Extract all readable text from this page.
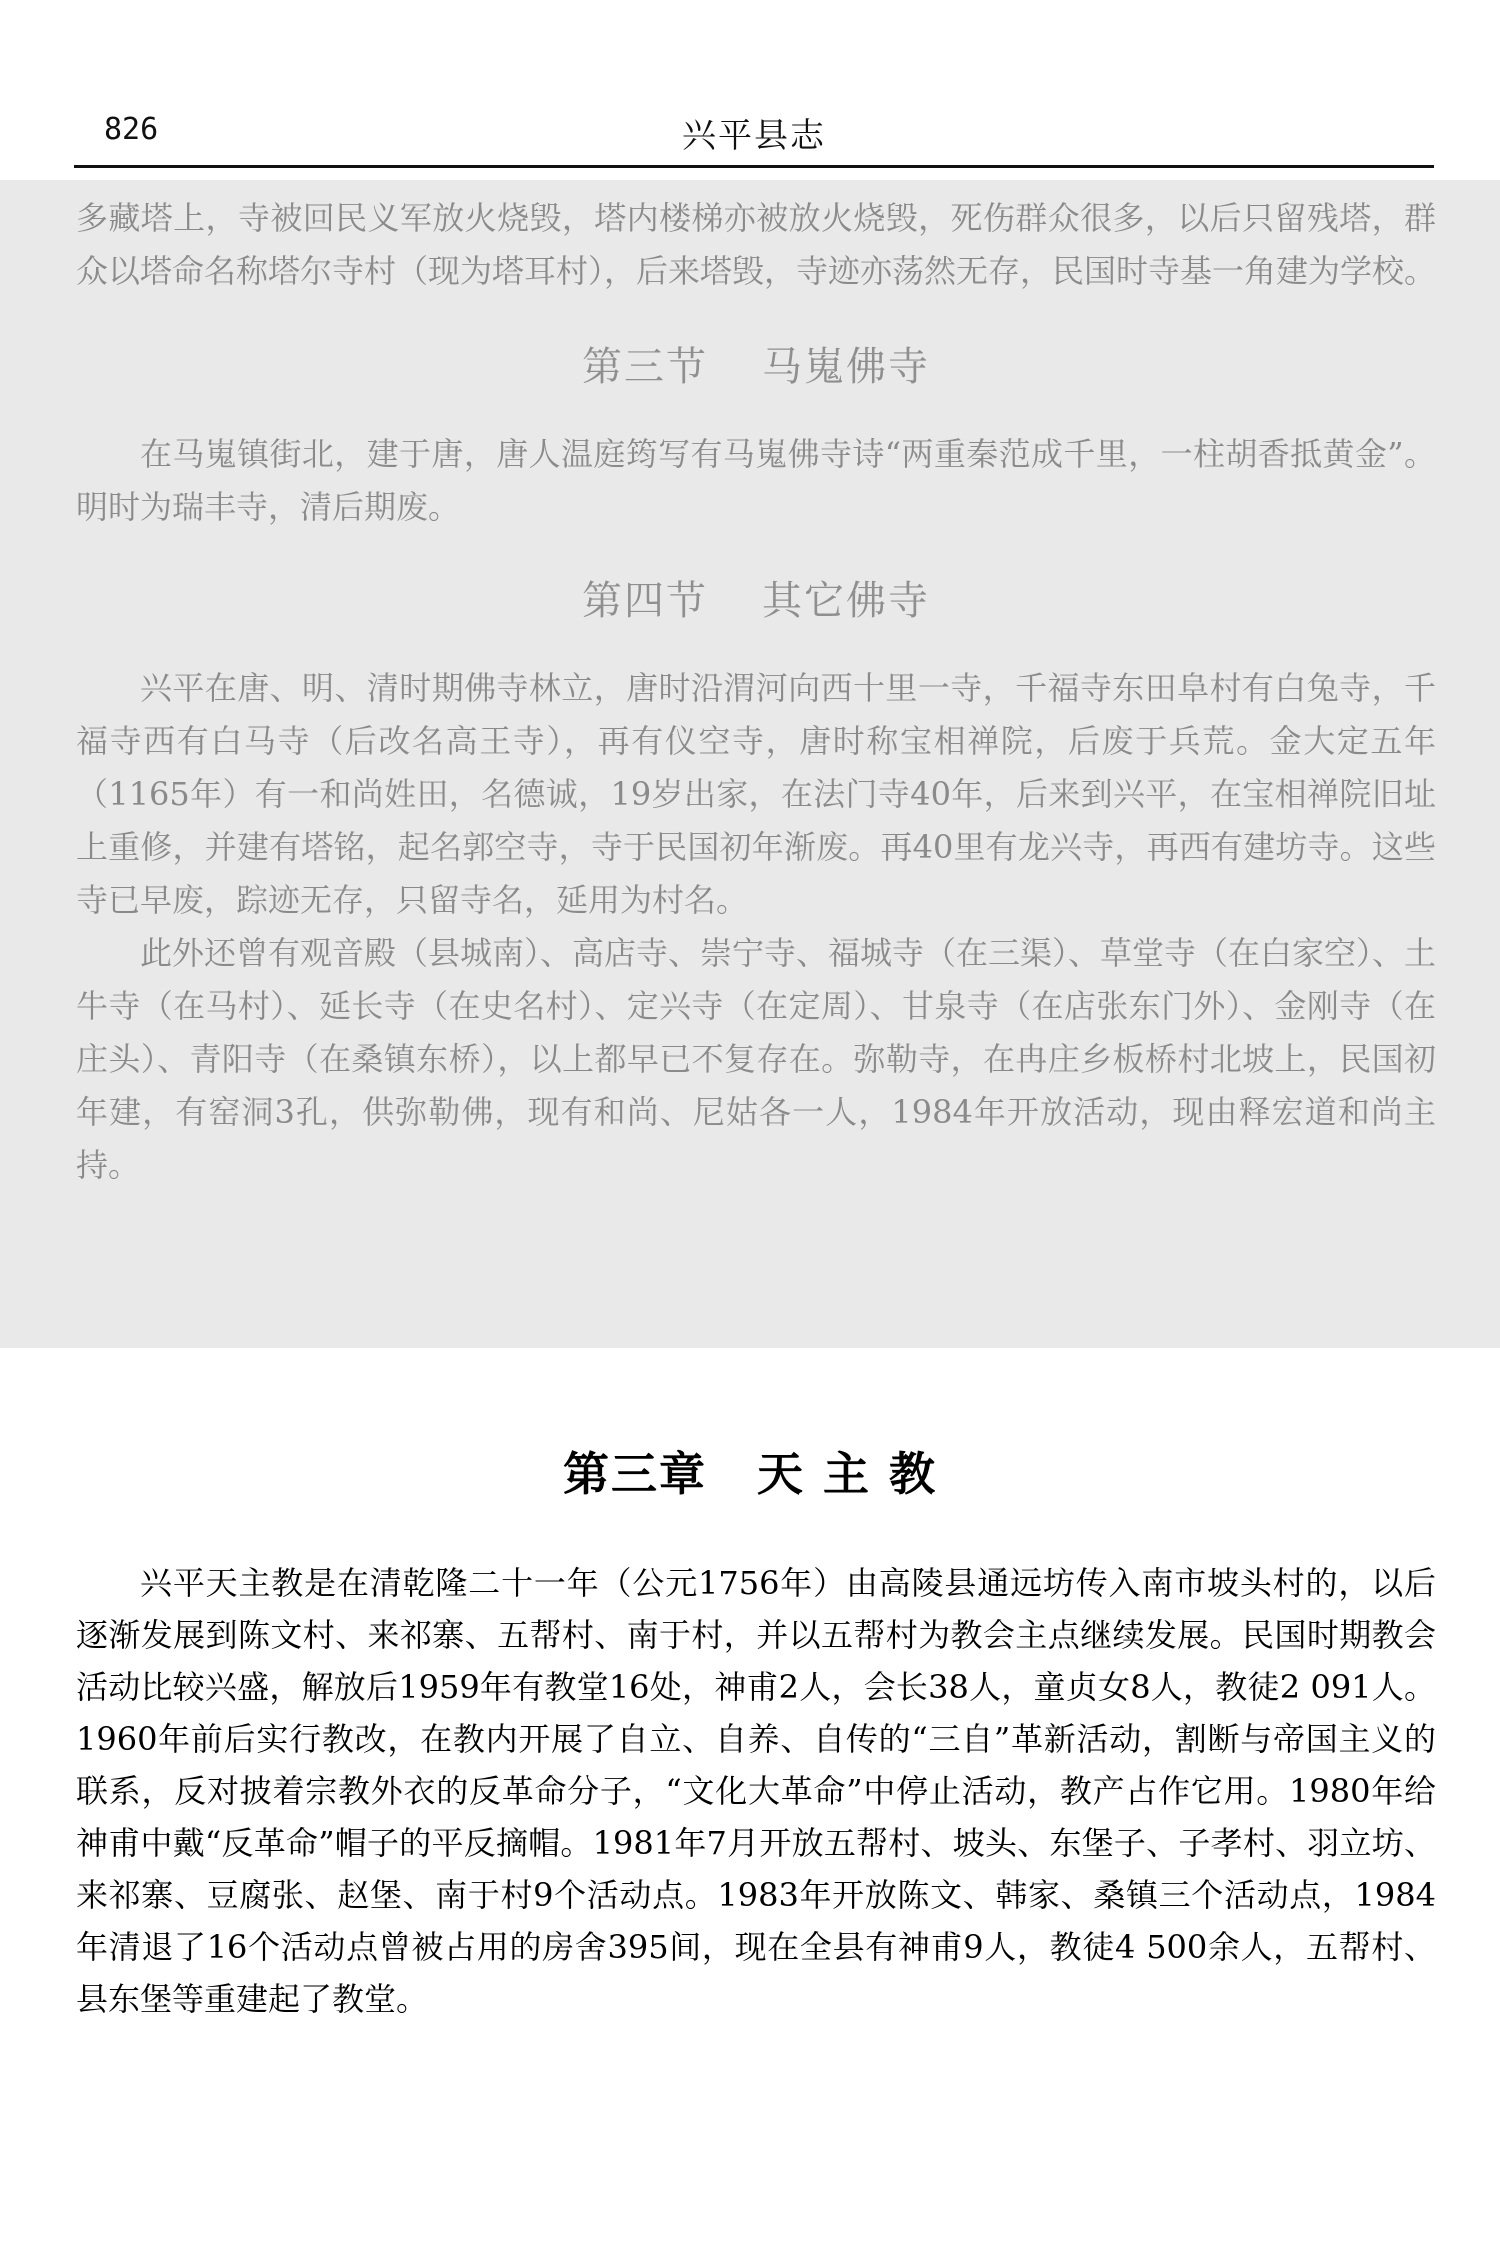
826	兴平县志

多藏塔上，寺被回民义军放火烧毁，塔内楼梯亦被放火烧毁，死伤群众很多，以后只留残塔，群众以塔命名称塔尔寺村（现为塔耳村），后来塔毁，寺迹亦荡然无存，民国时寺基一角建为学校。

第三节 马嵬佛寺

在马嵬镇街北，建于唐，唐人温庭筠写有马嵬佛寺诗“两重秦范成千里，一柱胡香抵黄金”。明时为瑞丰寺，清后期废。

第四节 其它佛寺

兴平在唐、明、清时期佛寺林立，唐时沿渭河向西十里一寺，千福寺东田阜村有白兔寺，千福寺西有白马寺（后改名高王寺），再有仪空寺，唐时称宝相禅院，后废于兵荒。金大定五年（1165年）有一和尚姓田，名德诚，19岁出家，在法门寺40年，后来到兴平，在宝相禅院旧址上重修，并建有塔铭，起名郭空寺，寺于民国初年渐废。再40里有龙兴寺，再西有建坊寺。这些寺已早废，踪迹无存，只留寺名，延用为村名。

此外还曾有观音殿（县城南）、高店寺、崇宁寺、福城寺（在三渠）、草堂寺（在白家空）、土牛寺（在马村）、延长寺（在史名村）、定兴寺（在定周）、甘泉寺（在店张东门外）、金刚寺（在庄头）、青阳寺（在桑镇东桥），以上都早已不复存在。弥勒寺，在冉庄乡板桥村北坡上，民国初年建，有窑洞3孔，供弥勒佛，现有和尚、尼姑各一人，1984年开放活动，现由释宏道和尚主持。

第三章 天 主 教

兴平天主教是在清乾隆二十一年（公元1756年）由高陵县通远坊传入南市坡头村的，以后逐渐发展到陈文村、来祁寨、五帮村、南于村，并以五帮村为教会主点继续发展。民国时期教会活动比较兴盛，解放后1959年有教堂16处，神甫2人，会长38人，童贞女8人，教徒2 091人。1960年前后实行教改，在教内开展了自立、自养、自传的“三自”革新活动，割断与帝国主义的联系，反对披着宗教外衣的反革命分子，“文化大革命”中停止活动，教产占作它用。1980年给神甫中戴“反革命”帽子的平反摘帽。1981年7月开放五帮村、坡头、东堡子、子孝村、羽立坊、来祁寨、豆腐张、赵堡、南于村9个活动点。1983年开放陈文、韩家、桑镇三个活动点，1984年清退了16个活动点曾被占用的房舍395间，现在全县有神甫9人，教徒4 500余人，五帮村、县东堡等重建起了教堂。
